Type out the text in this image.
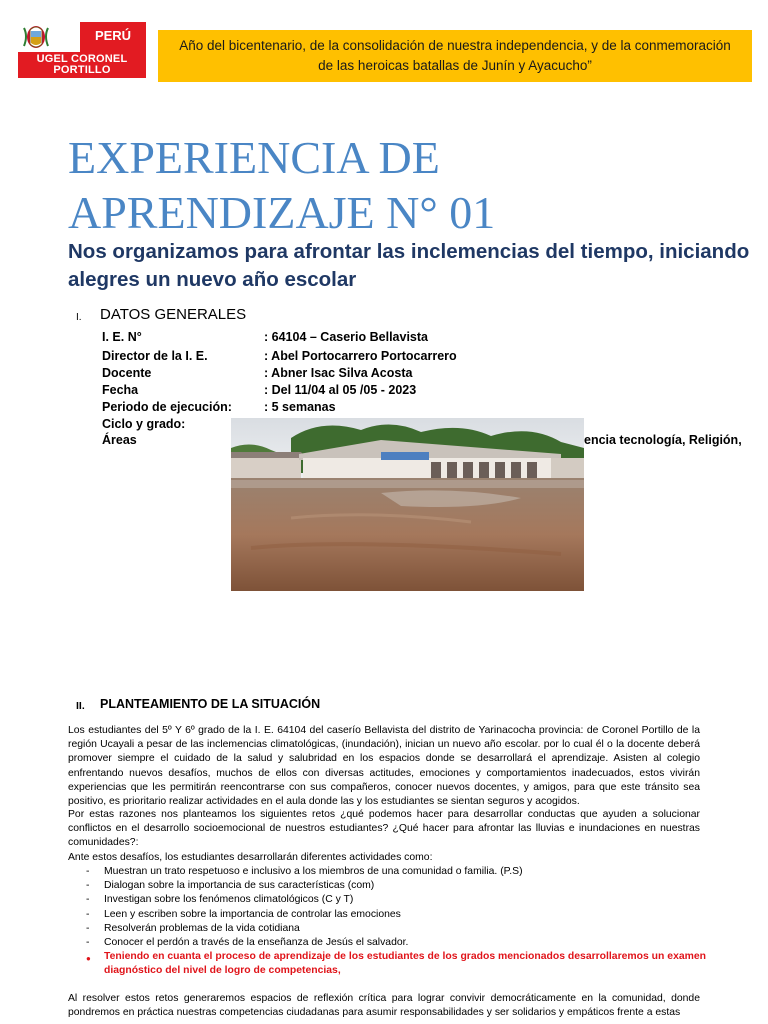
PERÚ
UGEL CORONEL
PORTILLO
Año del bicentenario, de la consolidación de nuestra independencia, y de la conmemoración de las heroicas batallas de Junín y Ayacucho”
EXPERIENCIA DE
APRENDIZAJE N° 01
Nos organizamos para afrontar las inclemencias del tiempo, iniciando alegres un nuevo año escolar
I. DATOS GENERALES
I. E. N°	: 64104 – Caserio Bellavista
Director de la I. E.	: Abel Portocarrero Portocarrero
Docente	: Abner Isac Silva Acosta
Fecha	: Del 11/04 al 05 /05 - 2023
Periodo de ejecución:	: 5 semanas
Ciclo y grado:
Áreas	encia tecnología, Religión,
II. PLANTEAMIENTO DE LA SITUACIÓN
Los estudiantes del 5º Y 6º grado de la I. E. 64104 del caserío Bellavista del distrito de Yarinacocha provincia: de Coronel Portillo de la región Ucayali a pesar de las inclemencias climatológicas, (inundación), inician un nuevo año escolar. por lo cual él o la docente deberá promover siempre el cuidado de la salud y salubridad en los espacios donde se desarrollará el aprendizaje. Asisten al colegio enfrentando nuevos desafíos, muchos de ellos con diversas actitudes, emociones y comportamientos inadecuados, estos vivirán experiencias que les permitirán reencontrarse con sus compañeros, conocer nuevos docentes, y amigos, para que este tránsito sea positivo, es prioritario realizar actividades en el aula donde las y los estudiantes se sientan seguros y acogidos.
Por estas razones nos planteamos los siguientes retos ¿qué podemos hacer para desarrollar conductas que ayuden a solucionar conflictos en el desarrollo socioemocional de nuestros estudiantes? ¿Qué hacer para afrontar las lluvias e inundaciones en nuestras comunidades?:
Ante estos desafíos, los estudiantes desarrollarán diferentes actividades como:
- Muestran un trato respetuoso e inclusivo a los miembros de una comunidad o familia. (P.S)
- Dialogan sobre la importancia de sus características (com)
- Investigan sobre los fenómenos climatológicos (C y T)
- Leen y escriben sobre la importancia de controlar las emociones
- Resolverán problemas de la vida cotidiana
- Conocer el perdón a través de la enseñanza de Jesús el salvador.
● Teniendo en cuanta el proceso de aprendizaje de los estudiantes de los grados mencionados desarrollaremos un examen diagnóstico del nivel de logro de competencias,
Al resolver estos retos generaremos espacios de reflexión crítica para lograr convivir democráticamente en la comunidad, donde pondremos en práctica nuestras competencias ciudadanas para asumir responsabilidades y ser solidarios y empáticos frente a estas
